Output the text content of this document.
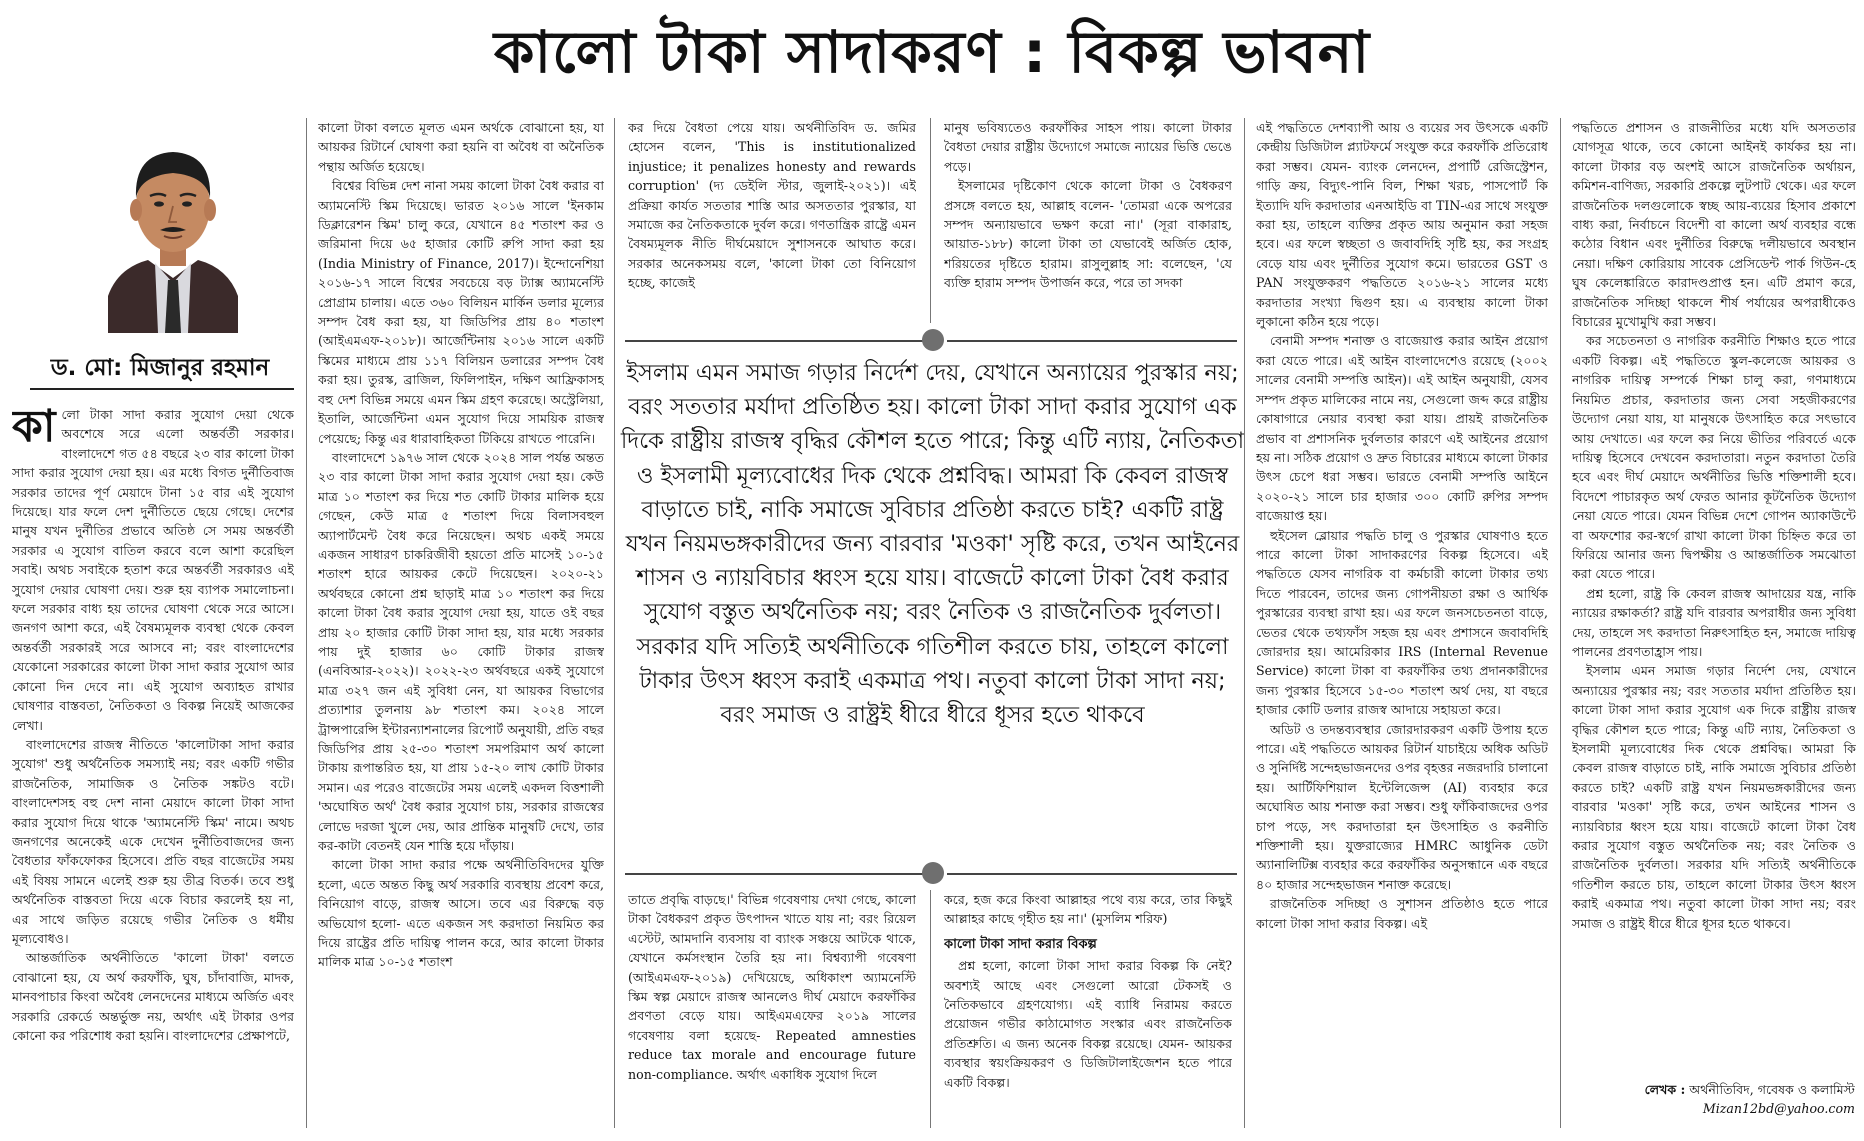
কালো টাকা সাদাকরণ : বিকল্প ভাবনা
ড. মো: মিজানুর রহমান
কা লো টাকা সাদা করার সুযোগ দেয়া থেকে অবশেষে সরে এলো অন্তর্বর্তী সরকার। বাংলাদেশে গত ৫৪ বছরে ২৩ বার কালো টাকা সাদা করার সুযোগ দেয়া হয়। এর মধ্যে বিগত দুর্নীতিবাজ সরকার তাদের পূর্ণ মেয়াদে টানা ১৫ বার এই সুযোগ দিয়েছে। যার ফলে দেশ দুর্নীতিতে ছেয়ে গেছে। দেশের মানুষ যখন দুর্নীতির প্রভাবে অতিষ্ঠ সে সময় অন্তর্বর্তী সরকার এ সুযোগ বাতিল করবে বলে আশা করেছিল সবাই। অথচ সবাইকে হতাশ করে অন্তর্বর্তী সরকারও এই সুযোগ দেয়ার ঘোষণা দেয়। শুরু হয় ব্যাপক সমালোচনা। ফলে সরকার বাধ্য হয় তাদের ঘোষণা থেকে সরে আসে। জনগণ আশা করে, এই বৈষম্যমূলক ব্যবস্থা থেকে কেবল অন্তর্বর্তী সরকারই সরে আসবে না; বরং বাংলাদেশের যেকোনো সরকারের কালো টাকা সাদা করার সুযোগ আর কোনো দিন দেবে না। এই সুযোগ অব্যাহত রাখার ঘোষণার বাস্তবতা, নৈতিকতা ও বিকল্প নিয়েই আজকের লেখা।

বাংলাদেশের রাজস্ব নীতিতে 'কালোটাকা সাদা করার সুযোগ' শুধু অর্থনৈতিক সমস্যাই নয়; বরং একটি গভীর রাজনৈতিক, সামাজিক ও নৈতিক সঙ্কটও বটে। বাংলাদেশসহ বহু দেশ নানা মেয়াদে কালো টাকা সাদা করার সুযোগ দিয়ে থাকে 'অ্যামনেস্টি স্কিম' নামে। অথচ জনগণের অনেকেই একে দেখেন দুর্নীতিবাজদের জন্য বৈধতার ফাঁকফোকর হিসেবে। প্রতি বছর বাজেটের সময় এই বিষয় সামনে এলেই শুরু হয় তীব্র বিতর্ক। তবে শুধু অর্থনৈতিক বাস্তবতা দিয়ে একে বিচার করলেই হয় না, এর সাথে জড়িত রয়েছে গভীর নৈতিক ও ধর্মীয় মূল্যবোধও।

আন্তর্জাতিক অর্থনীতিতে 'কালো টাকা' বলতে বোঝানো হয়, যে অর্থ করফাঁকি, ঘুষ, চাঁদাবাজি, মাদক, মানবপাচার কিংবা অবৈধ লেনদেনের মাধ্যমে অর্জিত এবং সরকারি রেকর্ডে অন্তর্ভুক্ত নয়, অর্থাৎ এই টাকার ওপর কোনো কর পরিশোধ করা হয়নি। বাংলাদেশের প্রেক্ষাপটে,

কালো টাকা বলতে মূলত এমন অর্থকে বোঝানো হয়, যা আয়কর রিটার্নে ঘোষণা করা হয়নি বা অবৈধ বা অনৈতিক পন্থায় অর্জিত হয়েছে।

বিশ্বের বিভিন্ন দেশ নানা সময় কালো টাকা বৈধ করার বা অ্যামনেস্টি স্কিম দিয়েছে। ভারত ২০১৬ সালে 'ইনকাম ডিক্লারেশন স্কিম' চালু করে, যেখানে ৪৫ শতাংশ কর ও জরিমানা দিয়ে ৬৫ হাজার কোটি রুপি সাদা করা হয় (India Ministry of Finance, 2017)। ইন্দোনেশিয়া ২০১৬-১৭ সালে বিশ্বের সবচেয়ে বড় ট্যাক্স অ্যামনেস্টি প্রোগ্রাম চালায়। এতে ৩৬০ বিলিয়ন মার্কিন ডলার মূল্যের সম্পদ বৈধ করা হয়, যা জিডিপির প্রায় ৪০ শতাংশ (আইএমএফ-২০১৮)। আর্জেন্টিনায় ২০১৬ সালে একটি স্কিমের মাধ্যমে প্রায় ১১৭ বিলিয়ন ডলারের সম্পদ বৈধ করা হয়। তুরস্ক, ব্রাজিল, ফিলিপাইন, দক্ষিণ আফ্রিকাসহ বহু দেশ বিভিন্ন সময়ে এমন স্কিম গ্রহণ করেছে। অস্ট্রেলিয়া, ইতালি, আর্জেন্টিনা এমন সুযোগ দিয়ে সাময়িক রাজস্ব পেয়েছে; কিন্তু এর ধারাবাহিকতা টিকিয়ে রাখতে পারেনি।

বাংলাদেশে ১৯৭৬ সাল থেকে ২০২৪ সাল পর্যন্ত অন্তত ২৩ বার কালো টাকা সাদা করার সুযোগ দেয়া হয়। কেউ মাত্র ১০ শতাংশ কর দিয়ে শত কোটি টাকার মালিক হয়ে গেছেন, কেউ মাত্র ৫ শতাংশ দিয়ে বিলাসবহুল অ্যাপার্টমেন্ট বৈধ করে নিয়েছেন। অথচ একই সময়ে একজন সাধারণ চাকরিজীবী হয়তো প্রতি মাসেই ১০-১৫ শতাংশ হারে আয়কর কেটে দিয়েছেন। ২০২০-২১ অর্থবছরে কোনো প্রশ্ন ছাড়াই মাত্র ১০ শতাংশ কর দিয়ে কালো টাকা বৈধ করার সুযোগ দেয়া হয়, যাতে ওই বছর প্রায় ২০ হাজার কোটি টাকা সাদা হয়, যার মধ্যে সরকার পায় দুই হাজার ৬০ কোটি টাকার রাজস্ব (এনবিআর-২০২২)। ২০২২-২৩ অর্থবছরে একই সুযোগে মাত্র ৩২৭ জন এই সুবিধা নেন, যা আয়কর বিভাগের প্রত্যাশার তুলনায় ৯৮ শতাংশ কম। ২০২৪ সালে ট্রান্সপারেন্সি ইন্টারন্যাশনালের রিপোর্ট অনুযায়ী, প্রতি বছর জিডিপির প্রায় ২৫-৩০ শতাংশ সমপরিমাণ অর্থ কালো টাকায় রূপান্তরিত হয়, যা প্রায় ১৫-২০ লাখ কোটি টাকার সমান। এর পরেও বাজেটের সময় এলেই একদল বিত্তশালী 'অঘোষিত অর্থ' বৈধ করার সুযোগ চায়, সরকার রাজস্বের লোভে দরজা খুলে দেয়, আর প্রান্তিক মানুষটি দেখে, তার কর-কাটা বেতনই যেন শাস্তি হয়ে দাঁড়ায়।

কালো টাকা সাদা করার পক্ষে অর্থনীতিবিদদের যুক্তি হলো, এতে অন্তত কিছু অর্থ সরকারি ব্যবস্থায় প্রবেশ করে, বিনিয়োগ বাড়ে, রাজস্ব আসে। তবে এর বিরুদ্ধে বড় অভিযোগ হলো- এতে একজন সৎ করদাতা নিয়মিত কর দিয়ে রাষ্ট্রের প্রতি দায়িত্ব পালন করে, আর কালো টাকার মালিক মাত্র ১০-১৫ শতাংশ

কর দিয়ে বৈধতা পেয়ে যায়। অর্থনীতিবিদ ড. জমির হোসেন বলেন, 'This is institutionalized injustice; it penalizes honesty and rewards corruption' (দ্য ডেইলি স্টার, জুলাই-২০২১)। এই প্রক্রিয়া কার্যত সততার শাস্তি আর অসততার পুরস্কার, যা সমাজে কর নৈতিকতাকে দুর্বল করে। গণতান্ত্রিক রাষ্ট্রে এমন বৈষম্যমূলক নীতি দীর্ঘমেয়াদে সুশাসনকে আঘাত করে। সরকার অনেকসময় বলে, 'কালো টাকা তো বিনিয়োগ হচ্ছে, কাজেই

মানুষ ভবিষ্যতেও করফাঁকির সাহস পায়। কালো টাকার বৈধতা দেয়ার রাষ্ট্রীয় উদ্যোগে সমাজে ন্যায়ের ভিত্তি ভেঙে পড়ে।

ইসলামের দৃষ্টিকোণ থেকে কালো টাকা ও বৈধকরণ প্রসঙ্গে বলতে হয়, আল্লাহ বলেন- 'তোমরা একে অপরের সম্পদ অন্যায়ভাবে ভক্ষণ করো না।' (সূরা বাকারাহ, আয়াত-১৮৮) কালো টাকা তা যেভাবেই অর্জিত হোক, শরিয়তের দৃষ্টিতে হারাম। রাসুলুল্লাহ সা: বলেছেন, 'যে ব্যক্তি হারাম সম্পদ উপার্জন করে, পরে তা সদকা

ইসলাম এমন সমাজ গড়ার নির্দেশ দেয়, যেখানে অন্যায়ের পুরস্কার নয়; বরং সততার মর্যাদা প্রতিষ্ঠিত হয়। কালো টাকা সাদা করার সুযোগ এক দিকে রাষ্ট্রীয় রাজস্ব বৃদ্ধির কৌশল হতে পারে; কিন্তু এটি ন্যায়, নৈতিকতা ও ইসলামী মূল্যবোধের দিক থেকে প্রশ্নবিদ্ধ। আমরা কি কেবল রাজস্ব বাড়াতে চাই, নাকি সমাজে সুবিচার প্রতিষ্ঠা করতে চাই? একটি রাষ্ট্র যখন নিয়মভঙ্গকারীদের জন্য বারবার 'মওকা' সৃষ্টি করে, তখন আইনের শাসন ও ন্যায়বিচার ধ্বংস হয়ে যায়। বাজেটে কালো টাকা বৈধ করার সুযোগ বস্তুত অর্থনৈতিক নয়; বরং নৈতিক ও রাজনৈতিক দুর্বলতা। সরকার যদি সত্যিই অর্থনীতিকে গতিশীল করতে চায়, তাহলে কালো টাকার উৎস ধ্বংস করাই একমাত্র পথ। নতুবা কালো টাকা সাদা নয়; বরং সমাজ ও রাষ্ট্রই ধীরে ধীরে ধূসর হতে থাকবে

তাতে প্রবৃদ্ধি বাড়ছে।' বিভিন্ন গবেষণায় দেখা গেছে, কালো টাকা বৈধকরণ প্রকৃত উৎপাদন খাতে যায় না; বরং রিয়েল এস্টেট, আমদানি ব্যবসায় বা ব্যাংক সঞ্চয়ে আটকে থাকে, যেখানে কর্মসংস্থান তৈরি হয় না। বিশ্বব্যাপী গবেষণা (আইএমএফ-২০১৯) দেখিয়েছে, অধিকাংশ অ্যামনেস্টি স্কিম স্বল্প মেয়াদে রাজস্ব আনলেও দীর্ঘ মেয়াদে করফাঁকির প্রবণতা বেড়ে যায়। আইএমএফের ২০১৯ সালের গবেষণায় বলা হয়েছে- Repeated amnesties reduce tax morale and encourage future non-compliance. অর্থাৎ একাধিক সুযোগ দিলে

করে, হজ করে কিংবা আল্লাহর পথে ব্যয় করে, তার কিছুই আল্লাহর কাছে গৃহীত হয় না।' (মুসলিম শরিফ)

কালো টাকা সাদা করার বিকল্প

প্রশ্ন হলো, কালো টাকা সাদা করার বিকল্প কি নেই? অবশ্যই আছে এবং সেগুলো আরো টেকসই ও নৈতিকভাবে গ্রহণযোগ্য। এই ব্যাধি নিরাময় করতে প্রয়োজন গভীর কাঠামোগত সংস্কার এবং রাজনৈতিক প্রতিশ্রুতি। এ জন্য অনেক বিকল্প রয়েছে। যেমন- আয়কর ব্যবস্থার স্বয়ংক্রিয়করণ ও ডিজিটালাইজেশন হতে পারে একটি বিকল্প।

এই পদ্ধতিতে দেশব্যাপী আয় ও ব্যয়ের সব উৎসকে একটি কেন্দ্রীয় ডিজিটাল প্ল্যাটফর্মে সংযুক্ত করে করফাঁকি প্রতিরোধ করা সম্ভব। যেমন- ব্যাংক লেনদেন, প্রপার্টি রেজিস্ট্রেশন, গাড়ি ক্রয়, বিদ্যুৎ-পানি বিল, শিক্ষা খরচ, পাসপোর্ট কি ইত্যাদি যদি করদাতার এনআইডি বা TIN-এর সাথে সংযুক্ত করা হয়, তাহলে ব্যক্তির প্রকৃত আয় অনুমান করা সহজ হবে। এর ফলে স্বচ্ছতা ও জবাবদিহি সৃষ্টি হয়, কর সংগ্রহ বেড়ে যায় এবং দুর্নীতির সুযোগ কমে। ভারতের GST ও PAN সংযুক্তকরণ পদ্ধতিতে ২০১৬-২১ সালের মধ্যে করদাতার সংখ্যা দ্বিগুণ হয়। এ ব্যবস্থায় কালো টাকা লুকানো কঠিন হয়ে পড়ে।

বেনামী সম্পদ শনাক্ত ও বাজেয়াপ্ত করার আইন প্রয়োগ করা যেতে পারে। এই আইন বাংলাদেশেও রয়েছে (২০০২ সালের বেনামী সম্পত্তি আইন)। এই আইন অনুযায়ী, যেসব সম্পদ প্রকৃত মালিকের নামে নয়, সেগুলো জব্দ করে রাষ্ট্রীয় কোষাগারে নেয়ার ব্যবস্থা করা যায়। প্রায়ই রাজনৈতিক প্রভাব বা প্রশাসনিক দুর্বলতার কারণে এই আইনের প্রয়োগ হয় না। সঠিক প্রয়োগ ও দ্রুত বিচারের মাধ্যমে কালো টাকার উৎস চেপে ধরা সম্ভব। ভারতে বেনামী সম্পত্তি আইনে ২০২০-২১ সালে চার হাজার ৩০০ কোটি রুপির সম্পদ বাজেয়াপ্ত হয়।

হুইসেল ব্লোয়ার পদ্ধতি চালু ও পুরস্কার ঘোষণাও হতে পারে কালো টাকা সাদাকরণের বিকল্প হিসেবে। এই পদ্ধতিতে যেসব নাগরিক বা কর্মচারী কালো টাকার তথ্য দিতে পারবেন, তাদের জন্য গোপনীয়তা রক্ষা ও আর্থিক পুরস্কারের ব্যবস্থা রাখা হয়। এর ফলে জনসচেতনতা বাড়ে, ভেতর থেকে তথ্যফাঁস সহজ হয় এবং প্রশাসনে জবাবদিহি জোরদার হয়। আমেরিকার IRS (Internal Revenue Service) কালো টাকা বা করফাঁকির তথ্য প্রদানকারীদের জন্য পুরস্কার হিসেবে ১৫-৩০ শতাংশ অর্থ দেয়, যা বছরে হাজার কোটি ডলার রাজস্ব আদায়ে সহায়তা করে।

অডিট ও তদন্তব্যবস্থার জোরদারকরণ একটি উপায় হতে পারে। এই পদ্ধতিতে আয়কর রিটার্ন যাচাইয়ে অধিক অডিট ও সুনির্দিষ্ট সন্দেহভাজনদের ওপর বৃহত্তর নজরদারি চালানো হয়। আর্টিফিশিয়াল ইন্টেলিজেন্স (AI) ব্যবহার করে অঘোষিত আয় শনাক্ত করা সম্ভব। শুধু ফাঁকিবাজদের ওপর চাপ পড়ে, সৎ করদাতারা হন উৎসাহিত ও করনীতি শক্তিশালী হয়। যুক্তরাজ্যের HMRC আধুনিক ডেটা অ্যানালিটিক্স ব্যবহার করে করফাঁকির অনুসন্ধানে এক বছরে ৪০ হাজার সন্দেহভাজন শনাক্ত করেছে।

রাজনৈতিক সদিচ্ছা ও সুশাসন প্রতিষ্ঠাও হতে পারে কালো টাকা সাদা করার বিকল্প। এই

পদ্ধতিতে প্রশাসন ও রাজনীতির মধ্যে যদি অসততার যোগসূত্র থাকে, তবে কোনো আইনই কার্যকর হয় না। কালো টাকার বড় অংশই আসে রাজনৈতিক অর্থায়ন, কমিশন-বাণিজ্য, সরকারি প্রকল্পে লুটপাট থেকে। এর ফলে রাজনৈতিক দলগুলোকে স্বচ্ছ আয়-ব্যয়ের হিসাব প্রকাশে বাধ্য করা, নির্বাচনে বিদেশী বা কালো অর্থ ব্যবহার বন্ধে কঠোর বিধান এবং দুর্নীতির বিরুদ্ধে দলীয়ভাবে অবস্থান নেয়া। দক্ষিণ কোরিয়ায় সাবেক প্রেসিডেন্ট পার্ক গিউন-হে ঘুষ কেলেঙ্কারিতে কারাদণ্ডপ্রাপ্ত হন। এটি প্রমাণ করে, রাজনৈতিক সদিচ্ছা থাকলে শীর্ষ পর্যায়ের অপরাধীকেও বিচারের মুখোমুখি করা সম্ভব।

কর সচেতনতা ও নাগরিক করনীতি শিক্ষাও হতে পারে একটি বিকল্প। এই পদ্ধতিতে স্কুল-কলেজে আয়কর ও নাগরিক দায়িত্ব সম্পর্কে শিক্ষা চালু করা, গণমাধ্যমে নিয়মিত প্রচার, করদাতার জন্য সেবা সহজীকরণের উদ্যোগ নেয়া যায়, যা মানুষকে উৎসাহিত করে সৎভাবে আয় দেখাতে। এর ফলে কর নিয়ে ভীতির পরিবর্তে একে দায়িত্ব হিসেবে দেখবেন করদাতারা। নতুন করদাতা তৈরি হবে এবং দীর্ঘ মেয়াদে অর্থনীতির ভিত্তি শক্তিশালী হবে। বিদেশে পাচারকৃত অর্থ ফেরত আনার কূটনৈতিক উদ্যোগ নেয়া যেতে পারে। যেমন বিভিন্ন দেশে গোপন অ্যাকাউন্টে বা অফশোর কর-স্বর্গে রাখা কালো টাকা চিহ্নিত করে তা ফিরিয়ে আনার জন্য দ্বিপক্ষীয় ও আন্তর্জাতিক সমঝোতা করা যেতে পারে।

প্রশ্ন হলো, রাষ্ট্র কি কেবল রাজস্ব আদায়ের যন্ত্র, নাকি ন্যায়ের রক্ষাকর্তা? রাষ্ট্র যদি বারবার অপরাধীর জন্য সুবিধা দেয়, তাহলে সৎ করদাতা নিরুৎসাহিত হন, সমাজে দায়িত্ব পালনের প্রবণতাহ্রাস পায়।

ইসলাম এমন সমাজ গড়ার নির্দেশ দেয়, যেখানে অন্যায়ের পুরস্কার নয়; বরং সততার মর্যাদা প্রতিষ্ঠিত হয়। কালো টাকা সাদা করার সুযোগ এক দিকে রাষ্ট্রীয় রাজস্ব বৃদ্ধির কৌশল হতে পারে; কিন্তু এটি ন্যায়, নৈতিকতা ও ইসলামী মূল্যবোধের দিক থেকে প্রশ্নবিদ্ধ। আমরা কি কেবল রাজস্ব বাড়াতে চাই, নাকি সমাজে সুবিচার প্রতিষ্ঠা করতে চাই? একটি রাষ্ট্র যখন নিয়মভঙ্গকারীদের জন্য বারবার 'মওকা' সৃষ্টি করে, তখন আইনের শাসন ও ন্যায়বিচার ধ্বংস হয়ে যায়। বাজেটে কালো টাকা বৈধ করার সুযোগ বস্তুত অর্থনৈতিক নয়; বরং নৈতিক ও রাজনৈতিক দুর্বলতা। সরকার যদি সত্যিই অর্থনীতিকে গতিশীল করতে চায়, তাহলে কালো টাকার উৎস ধ্বংস করাই একমাত্র পথ। নতুবা কালো টাকা সাদা নয়; বরং সমাজ ও রাষ্ট্রই ধীরে ধীরে ধূসর হতে থাকবে।

লেখক : অর্থনীতিবিদ, গবেষক ও কলামিস্ট
Mizan12bd@yahoo.com
